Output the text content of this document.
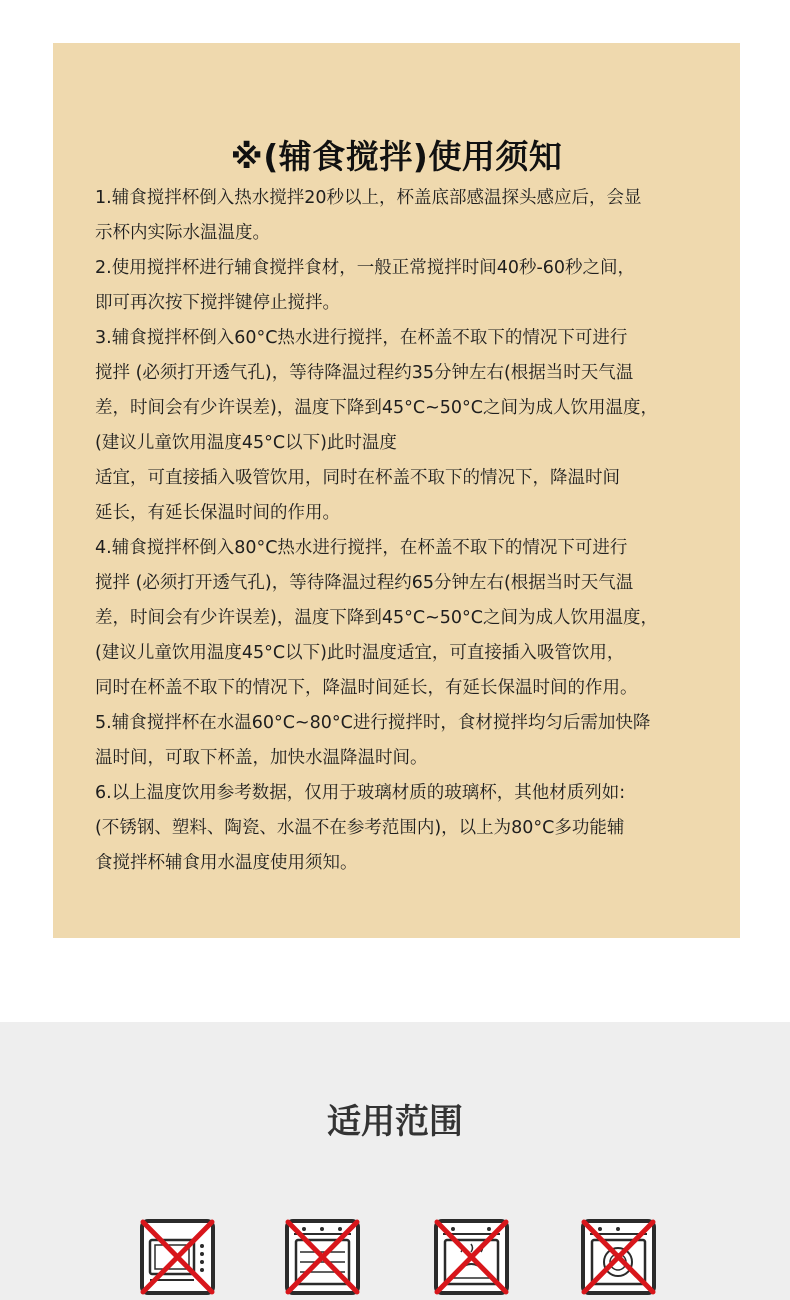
※(辅食搅拌)使用须知

1.辅食搅拌杯倒入热水搅拌20秒以上，杯盖底部感温探头感应后，会显

示杯内实际水温温度。

2.使用搅拌杯进行辅食搅拌食材，一般正常搅拌时间40秒-60秒之间，

即可再次按下搅拌键停止搅拌。

3.辅食搅拌杯倒入60°C热水进行搅拌，在杯盖不取下的情况下可进行

搅拌 (必须打开透气孔)，等待降温过程约35分钟左右(根据当时天气温

差，时间会有少许误差)，温度下降到45°C~50°C之间为成人饮用温度，

(建议儿童饮用温度45°C以下)此时温度

适宜，可直接插入吸管饮用，同时在杯盖不取下的情况下，降温时间

延长，有延长保温时间的作用。

4.辅食搅拌杯倒入80°C热水进行搅拌，在杯盖不取下的情况下可进行

搅拌 (必须打开透气孔)，等待降温过程约65分钟左右(根据当时天气温

差，时间会有少许误差)，温度下降到45°C~50°C之间为成人饮用温度，

(建议儿童饮用温度45°C以下)此时温度适宜，可直接插入吸管饮用，

同时在杯盖不取下的情况下，降温时间延长，有延长保温时间的作用。

5.辅食搅拌杯在水温60°C~80°C进行搅拌时，食材搅拌均匀后需加快降

温时间，可取下杯盖，加快水温降温时间。

6.以上温度饮用参考数据，仅用于玻璃材质的玻璃杯，其他材质列如:

(不锈钢、塑料、陶瓷、水温不在参考范围内)，以上为80°C多功能辅

食搅拌杯辅食用水温度使用须知。

适用范围
